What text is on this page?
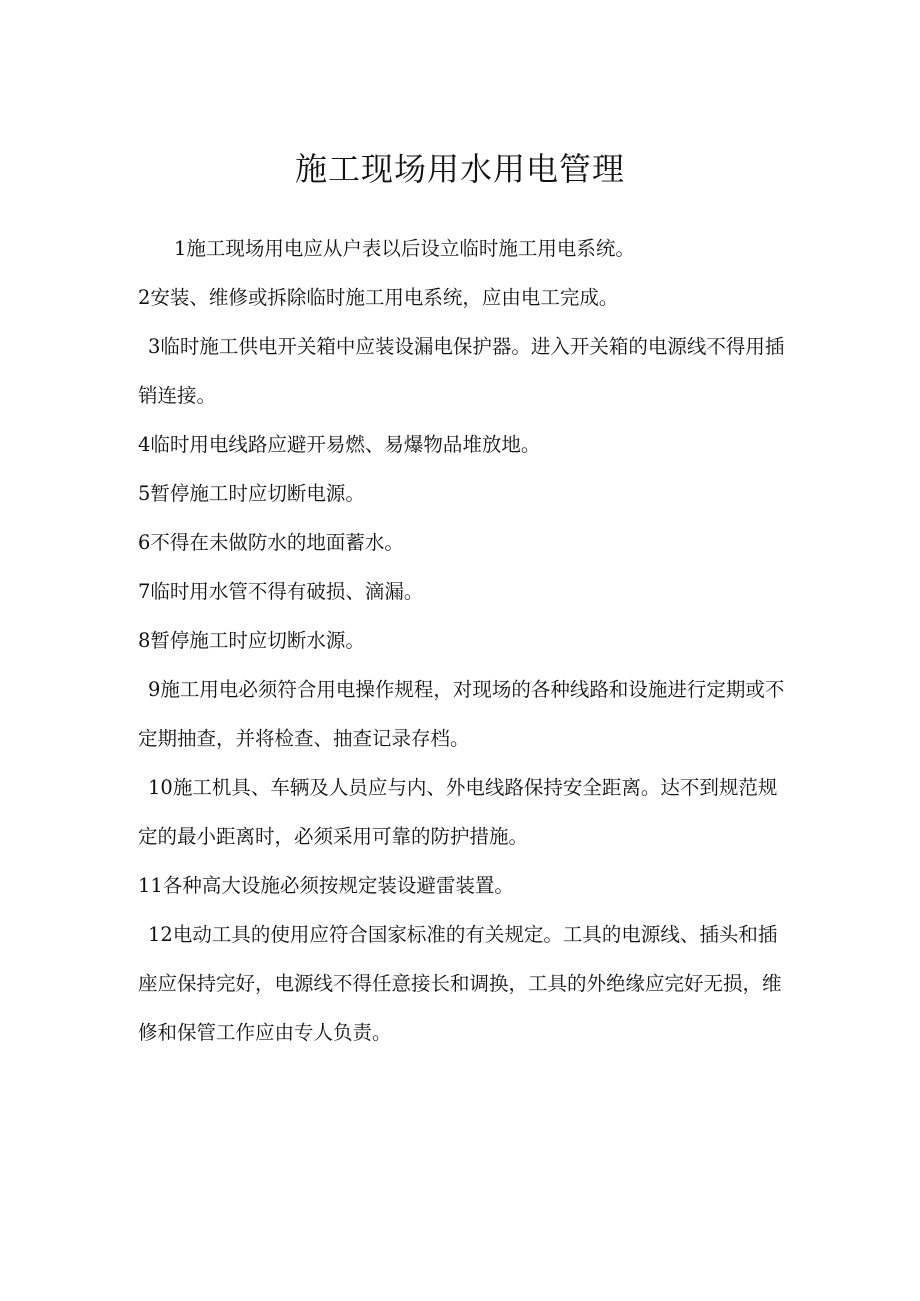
施工现场用水用电管理

1施工现场用电应从户表以后设立临时施工用电系统。

2安装、维修或拆除临时施工用电系统，应由电工完成。

3临时施工供电开关箱中应装设漏电保护器。进入开关箱的电源线不得用插销连接。

4临时用电线路应避开易燃、易爆物品堆放地。

5暂停施工时应切断电源。

6不得在未做防水的地面蓄水。

7临时用水管不得有破损、滴漏。

8暂停施工时应切断水源。

9施工用电必须符合用电操作规程，对现场的各种线路和设施进行定期或不定期抽查，并将检查、抽查记录存档。

10施工机具、车辆及人员应与内、外电线路保持安全距离。达不到规范规定的最小距离时，必须采用可靠的防护措施。

11各种高大设施必须按规定装设避雷装置。

12电动工具的使用应符合国家标准的有关规定。工具的电源线、插头和插座应保持完好，电源线不得任意接长和调换，工具的外绝缘应完好无损，维修和保管工作应由专人负责。
